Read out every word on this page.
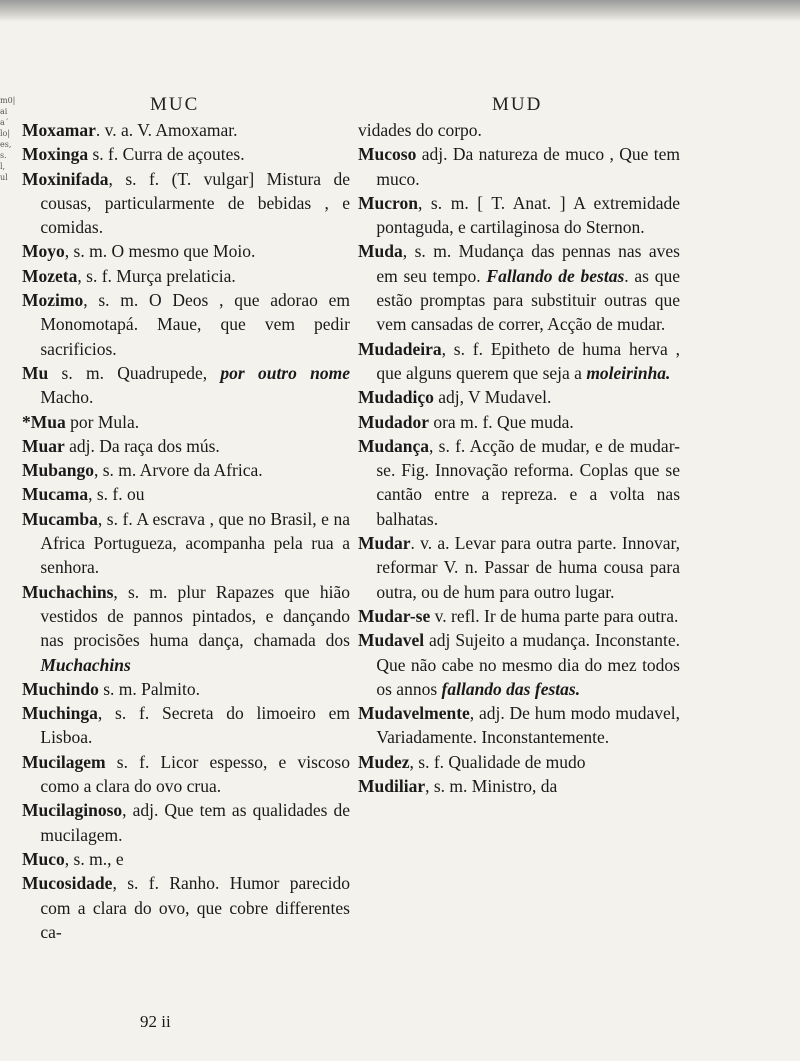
m0| ai a´ lo| es, s. l, ul
MUC	MUD

Moxamar. v. a. V. Amoxamar.

Moxinga s. f. Curra de açoutes.

Moxinifada, s. f. (T. vulgar] Mistura de cousas, particularmente de bebidas , e comidas.

Moyo, s. m. O mesmo que Moio.

Mozeta, s. f. Murça prelaticia.

Mozimo, s. m. O Deos , que adorao em Monomotapá. Maue, que vem pedir sacrificios.

Mu s. m. Quadrupede, por outro nome Macho.

*Mua por Mula.

Muar adj. Da raça dos mús.

Mubango, s. m. Arvore da Africa.

Mucama, s. f. ou

Mucamba, s. f. A escrava , que no Brasil, e na Africa Portugueza, acompanha pela rua a senhora.

Muchachins, s. m. plur Rapazes que hião vestidos de pannos pintados, e dançando nas procisões huma dança, chamada dos Muchachins

Muchindo s. m. Palmito.

Muchinga, s. f. Secreta do limoeiro em Lisboa.

Mucilagem s. f. Licor espesso, e viscoso como a clara do ovo crua.

Mucilaginoso, adj. Que tem as qualidades de mucilagem.

Muco, s. m., e

Mucosidade, s. f. Ranho. Humor parecido com a clara do ovo, que cobre differentes ca-

vidades do corpo.

Mucoso adj. Da natureza de muco , Que tem muco.

Mucron, s. m. [ T. Anat. ] A extremidade pontaguda, e cartilaginosa do Sternon.

Muda, s. m. Mudança das pennas nas aves em seu tempo. Fallando de bestas. as que estão promptas para substituir outras que vem cansadas de correr, Acção de mudar.

Mudadeira, s. f. Epitheto de huma herva , que alguns querem que seja a moleirinha.

Mudadiço adj, V Mudavel.

Mudador ora m. f. Que muda.

Mudança, s. f. Acção de mudar, e de mudar-se. Fig. Innovação reforma. Coplas que se cantão entre a repreza. e a volta nas balhatas.

Mudar. v. a. Levar para outra parte. Innovar, reformar V. n. Passar de huma cousa para outra, ou de hum para outro lugar.

Mudar-se v. refl. Ir de huma parte para outra.

Mudavel adj Sujeito a mudança. Inconstante. Que não cabe no mesmo dia do mez todos os annos fallando das festas.

Mudavelmente, adj. De hum modo mudavel, Variadamente. Inconstantemente.

Mudez, s. f. Qualidade de mudo

Mudiliar, s. m. Ministro, da

92 ii
